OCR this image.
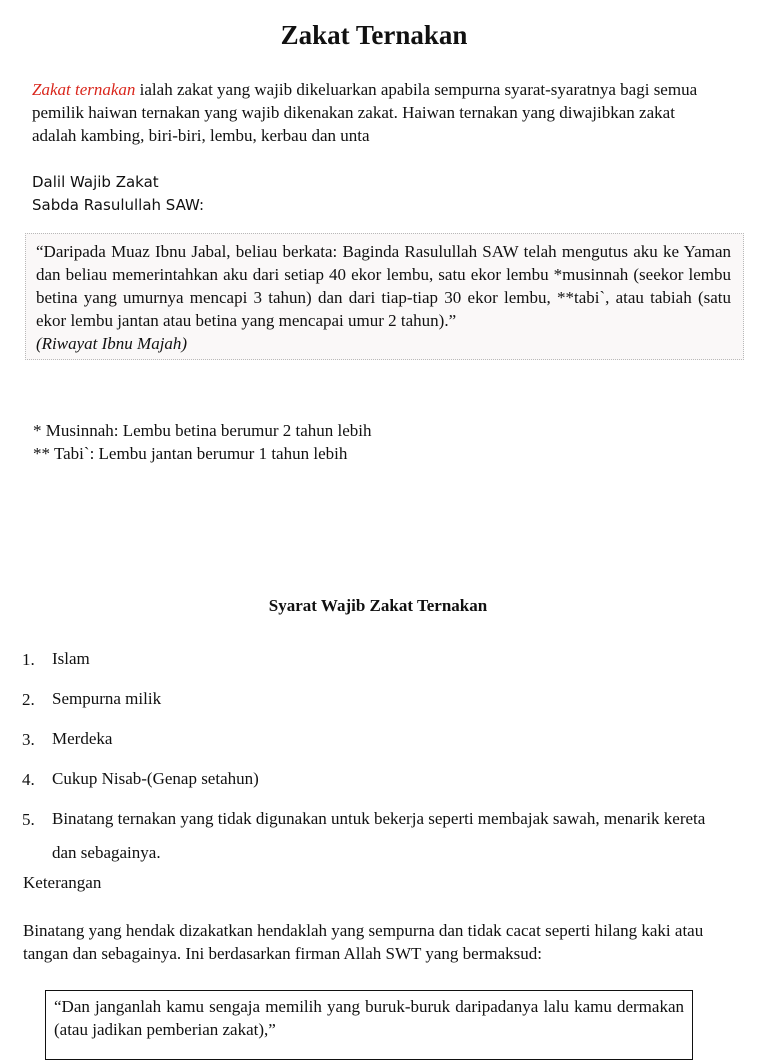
Zakat Ternakan
Zakat ternakan ialah zakat yang wajib dikeluarkan apabila sempurna syarat-syaratnya bagi semua pemilik haiwan ternakan yang wajib dikenakan zakat. Haiwan ternakan yang diwajibkan zakat adalah kambing, biri-biri, lembu, kerbau dan unta
Dalil Wajib Zakat
Sabda Rasulullah SAW:
“Daripada Muaz Ibnu Jabal, beliau berkata: Baginda Rasulullah SAW telah mengutus aku ke Yaman dan beliau memerintahkan aku dari setiap 40 ekor lembu, satu ekor lembu *musinnah (seekor lembu betina yang umurnya mencapi 3 tahun) dan dari tiap-tiap 30 ekor lembu, **tabi`, atau tabiah (satu ekor lembu jantan atau betina yang mencapai umur 2 tahun).”
(Riwayat Ibnu Majah)
* Musinnah: Lembu betina berumur 2 tahun lebih
** Tabi`: Lembu jantan berumur 1 tahun lebih
Syarat Wajib Zakat Ternakan
1.	Islam
2.	Sempurna milik
3.	Merdeka
4.	Cukup Nisab-(Genap setahun)
5.	Binatang ternakan yang tidak digunakan untuk bekerja seperti membajak sawah, menarik kereta dan sebagainya.
Keterangan
Binatang yang hendak dizakatkan hendaklah yang sempurna dan tidak cacat seperti hilang kaki atau tangan dan sebagainya. Ini berdasarkan firman Allah SWT yang bermaksud:
“Dan janganlah kamu sengaja memilih yang buruk-buruk daripadanya lalu kamu dermakan (atau jadikan pemberian zakat),”
